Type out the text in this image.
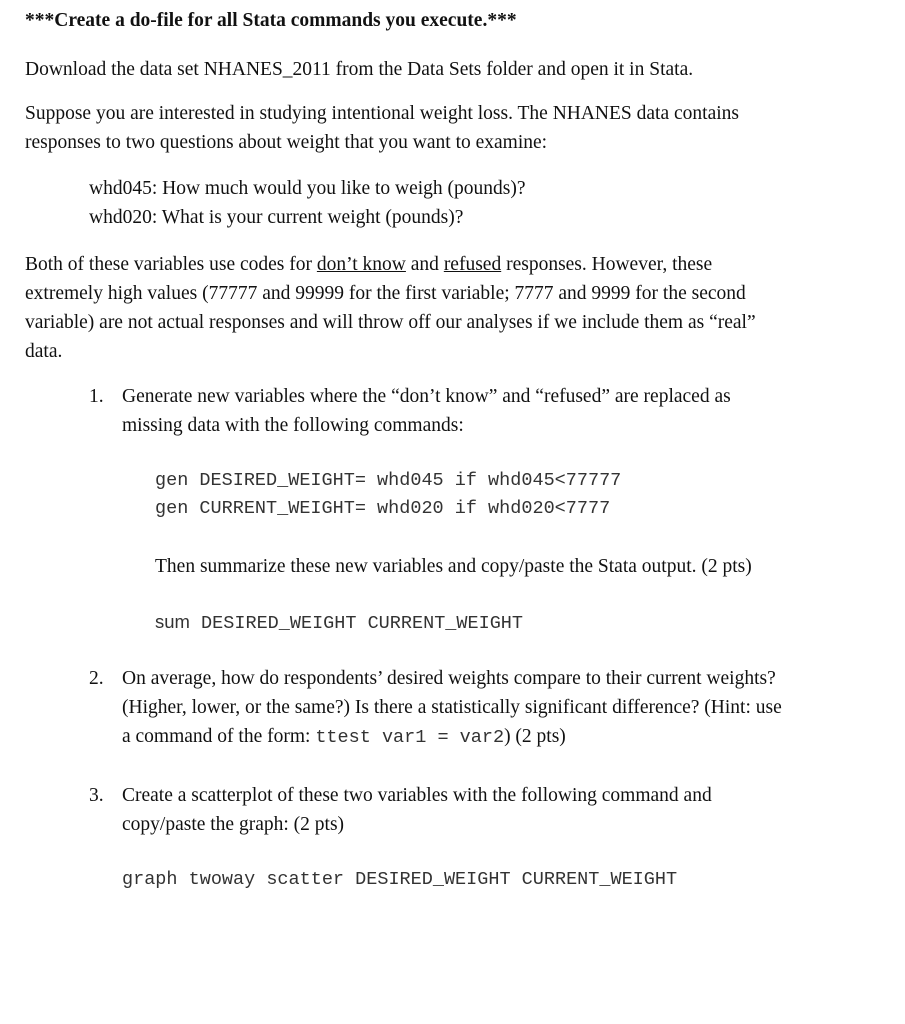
***Create a do-file for all Stata commands you execute.***
Download the data set NHANES_2011 from the Data Sets folder and open it in Stata.
Suppose you are interested in studying intentional weight loss. The NHANES data contains
responses to two questions about weight that you want to examine:
whd045: How much would you like to weigh (pounds)?
whd020: What is your current weight (pounds)?
Both of these variables use codes for don’t know and refused responses. However, these
extremely high values (77777 and 99999 for the first variable; 7777 and 9999 for the second
variable) are not actual responses and will throw off our analyses if we include them as “real”
data.
1. Generate new variables where the “don’t know” and “refused” are replaced as
missing data with the following commands:
gen DESIRED_WEIGHT= whd045 if whd045<77777
gen CURRENT_WEIGHT= whd020 if whd020<7777
Then summarize these new variables and copy/paste the Stata output. (2 pts)
sum DESIRED_WEIGHT CURRENT_WEIGHT
2. On average, how do respondents’ desired weights compare to their current weights?
(Higher, lower, or the same?) Is there a statistically significant difference? (Hint: use
a command of the form: ttest var1 = var2) (2 pts)
3. Create a scatterplot of these two variables with the following command and
copy/paste the graph: (2 pts)
graph twoway scatter DESIRED_WEIGHT CURRENT_WEIGHT
